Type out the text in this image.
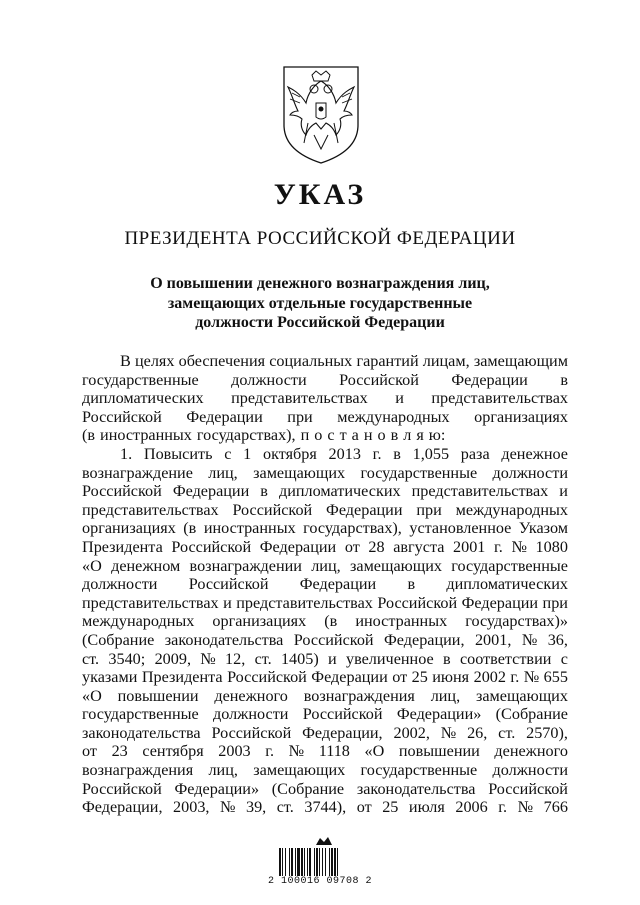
УКАЗ
ПРЕЗИДЕНТА РОССИЙСКОЙ ФЕДЕРАЦИИ
О повышении денежного вознаграждения лиц,
замещающих отдельные государственные
должности Российской Федерации
В целях обеспечения социальных гарантий лицам, замещающим
государственные должности Российской Федерации в
дипломатических представительствах и представительствах
Российской Федерации при международных организациях
(в иностранных государствах), п о с т а н о в л я ю:
1. Повысить с 1 октября 2013 г. в 1,055 раза денежное
вознаграждение лиц, замещающих государственные должности
Российской Федерации в дипломатических представительствах и
представительствах Российской Федерации при международных
организациях (в иностранных государствах), установленное Указом
Президента Российской Федерации от 28 августа 2001 г. № 1080
«О денежном вознаграждении лиц, замещающих государственные
должности Российской Федерации в дипломатических
представительствах и представительствах Российской Федерации при
международных организациях (в иностранных государствах)»
(Собрание законодательства Российской Федерации, 2001, № 36,
ст. 3540; 2009, № 12, ст. 1405) и увеличенное в соответствии с
указами Президента Российской Федерации от 25 июня 2002 г. № 655
«О повышении денежного вознаграждения лиц, замещающих
государственные должности Российской Федерации» (Собрание
законодательства Российской Федерации, 2002, № 26, ст. 2570),
от 23 сентября 2003 г. № 1118 «О повышении денежного
вознаграждения лиц, замещающих государственные должности
Российской Федерации» (Собрание законодательства Российской
Федерации, 2003, № 39, ст. 3744), от 25 июля 2006 г. № 766
2 100016 09708 2
